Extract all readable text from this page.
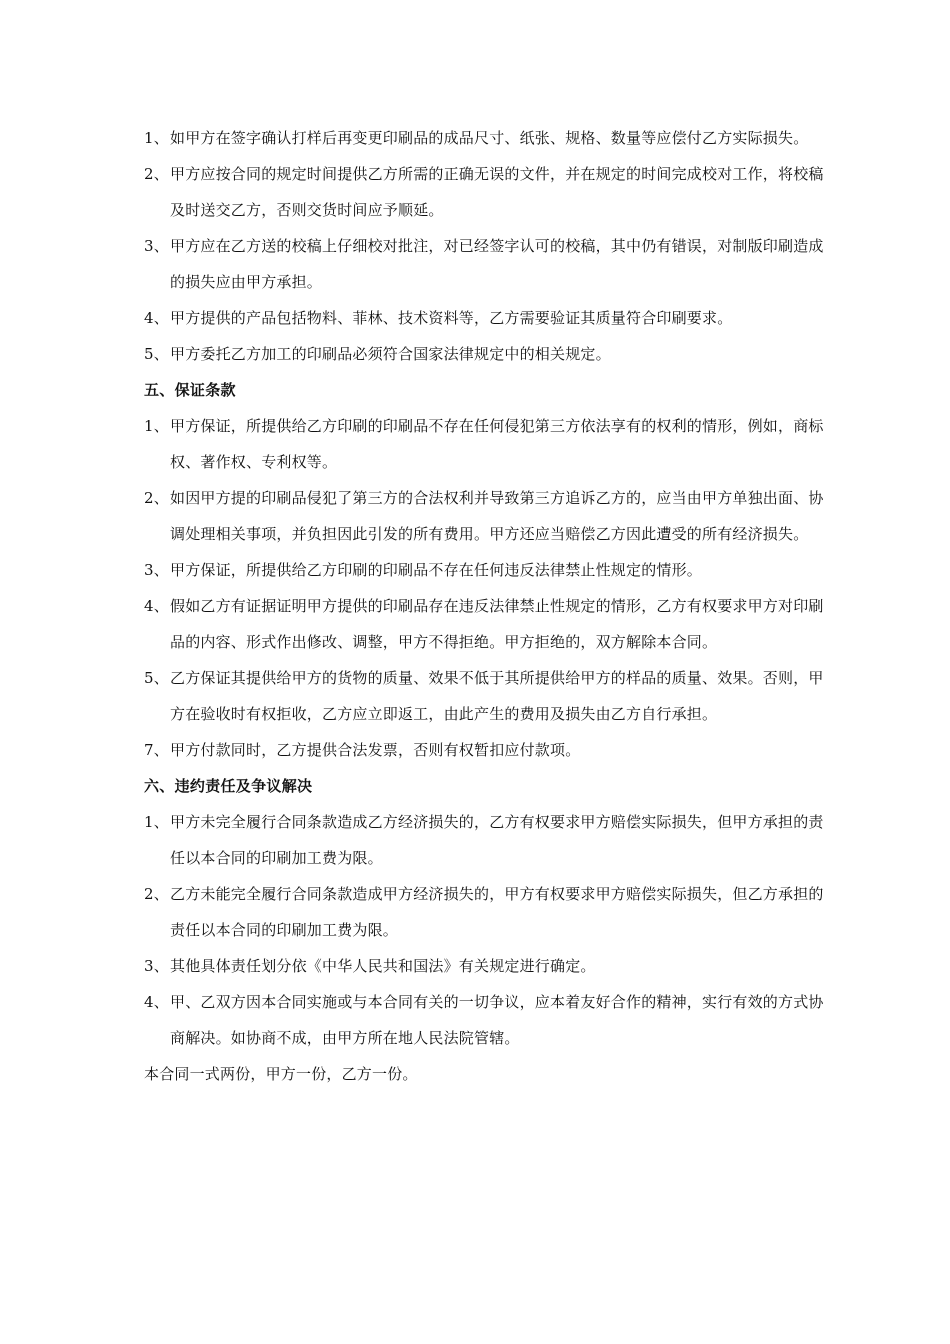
1、 如甲方在签字确认打样后再变更印刷品的成品尺寸、纸张、规格、数量等应偿付乙方实际损失。
2、 甲方应按合同的规定时间提供乙方所需的正确无误的文件，并在规定的时间完成校对工作，将校稿及时送交乙方，否则交货时间应予顺延。
3、 甲方应在乙方送的校稿上仔细校对批注，对已经签字认可的校稿，其中仍有错误，对制版印刷造成的损失应由甲方承担。
4、 甲方提供的产品包括物料、菲林、技术资料等，乙方需要验证其质量符合印刷要求。
5、 甲方委托乙方加工的印刷品必须符合国家法律规定中的相关规定。
五、保证条款
1、 甲方保证，所提供给乙方印刷的印刷品不存在任何侵犯第三方依法享有的权利的情形，例如，商标权、著作权、专利权等。
2、 如因甲方提的印刷品侵犯了第三方的合法权利并导致第三方追诉乙方的，应当由甲方单独出面、协调处理相关事项，并负担因此引发的所有费用。甲方还应当赔偿乙方因此遭受的所有经济损失。
3、 甲方保证，所提供给乙方印刷的印刷品不存在任何违反法律禁止性规定的情形。
4、 假如乙方有证据证明甲方提供的印刷品存在违反法律禁止性规定的情形，乙方有权要求甲方对印刷品的内容、形式作出修改、调整，甲方不得拒绝。甲方拒绝的，双方解除本合同。
5、 乙方保证其提供给甲方的货物的质量、效果不低于其所提供给甲方的样品的质量、效果。否则，甲方在验收时有权拒收，乙方应立即返工，由此产生的费用及损失由乙方自行承担。
7、 甲方付款同时，乙方提供合法发票，否则有权暂扣应付款项。
六、违约责任及争议解决
1、 甲方未完全履行合同条款造成乙方经济损失的，乙方有权要求甲方赔偿实际损失，但甲方承担的责任以本合同的印刷加工费为限。
2、 乙方未能完全履行合同条款造成甲方经济损失的，甲方有权要求甲方赔偿实际损失，但乙方承担的责任以本合同的印刷加工费为限。
3、 其他具体责任划分依《中华人民共和国法》有关规定进行确定。
4、 甲、乙双方因本合同实施或与本合同有关的一切争议，应本着友好合作的精神，实行有效的方式协商解决。如协商不成，由甲方所在地人民法院管辖。
本合同一式两份，甲方一份，乙方一份。
